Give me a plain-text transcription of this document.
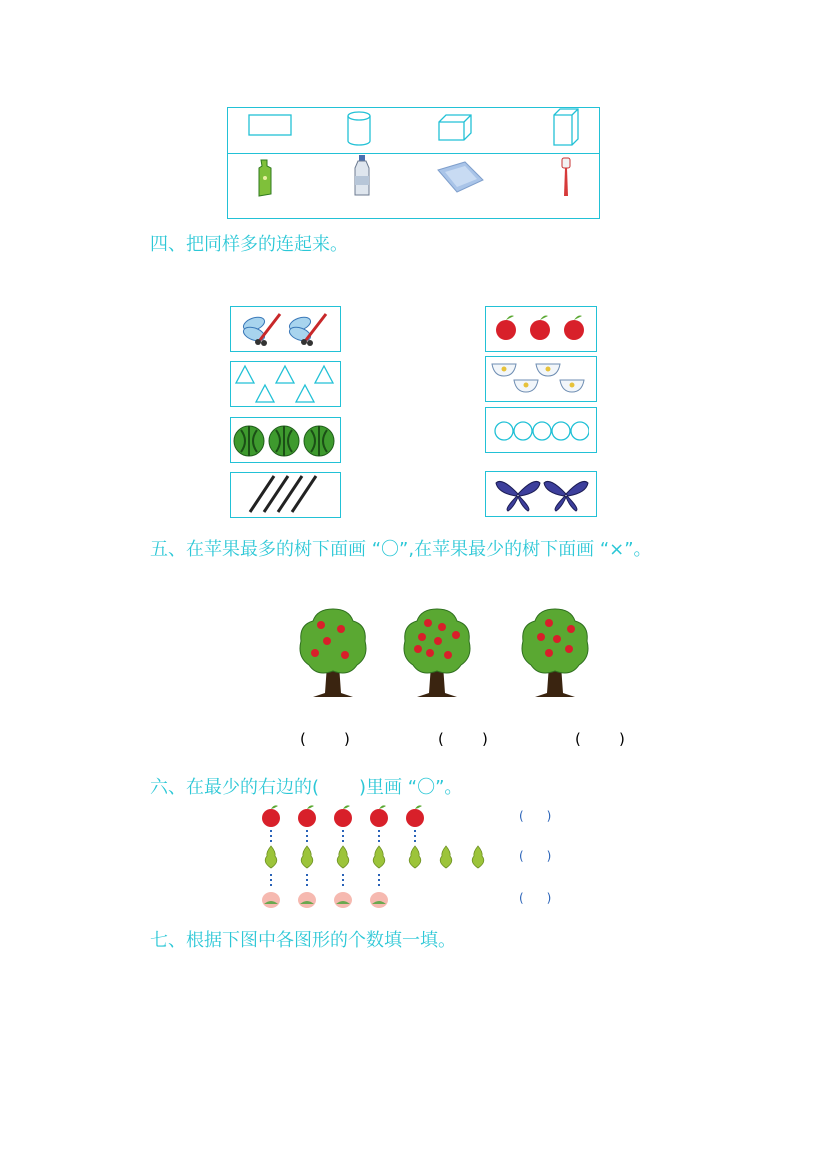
四、把同样多的连起来。
五、在苹果最多的树下面画 “〇”,在苹果最少的树下面画 “×”。
(        )	(        )	(        )
六、在最少的右边的( )里画 “〇”。
(      )
(      )
(      )
七、根据下图中各图形的个数填一填。
